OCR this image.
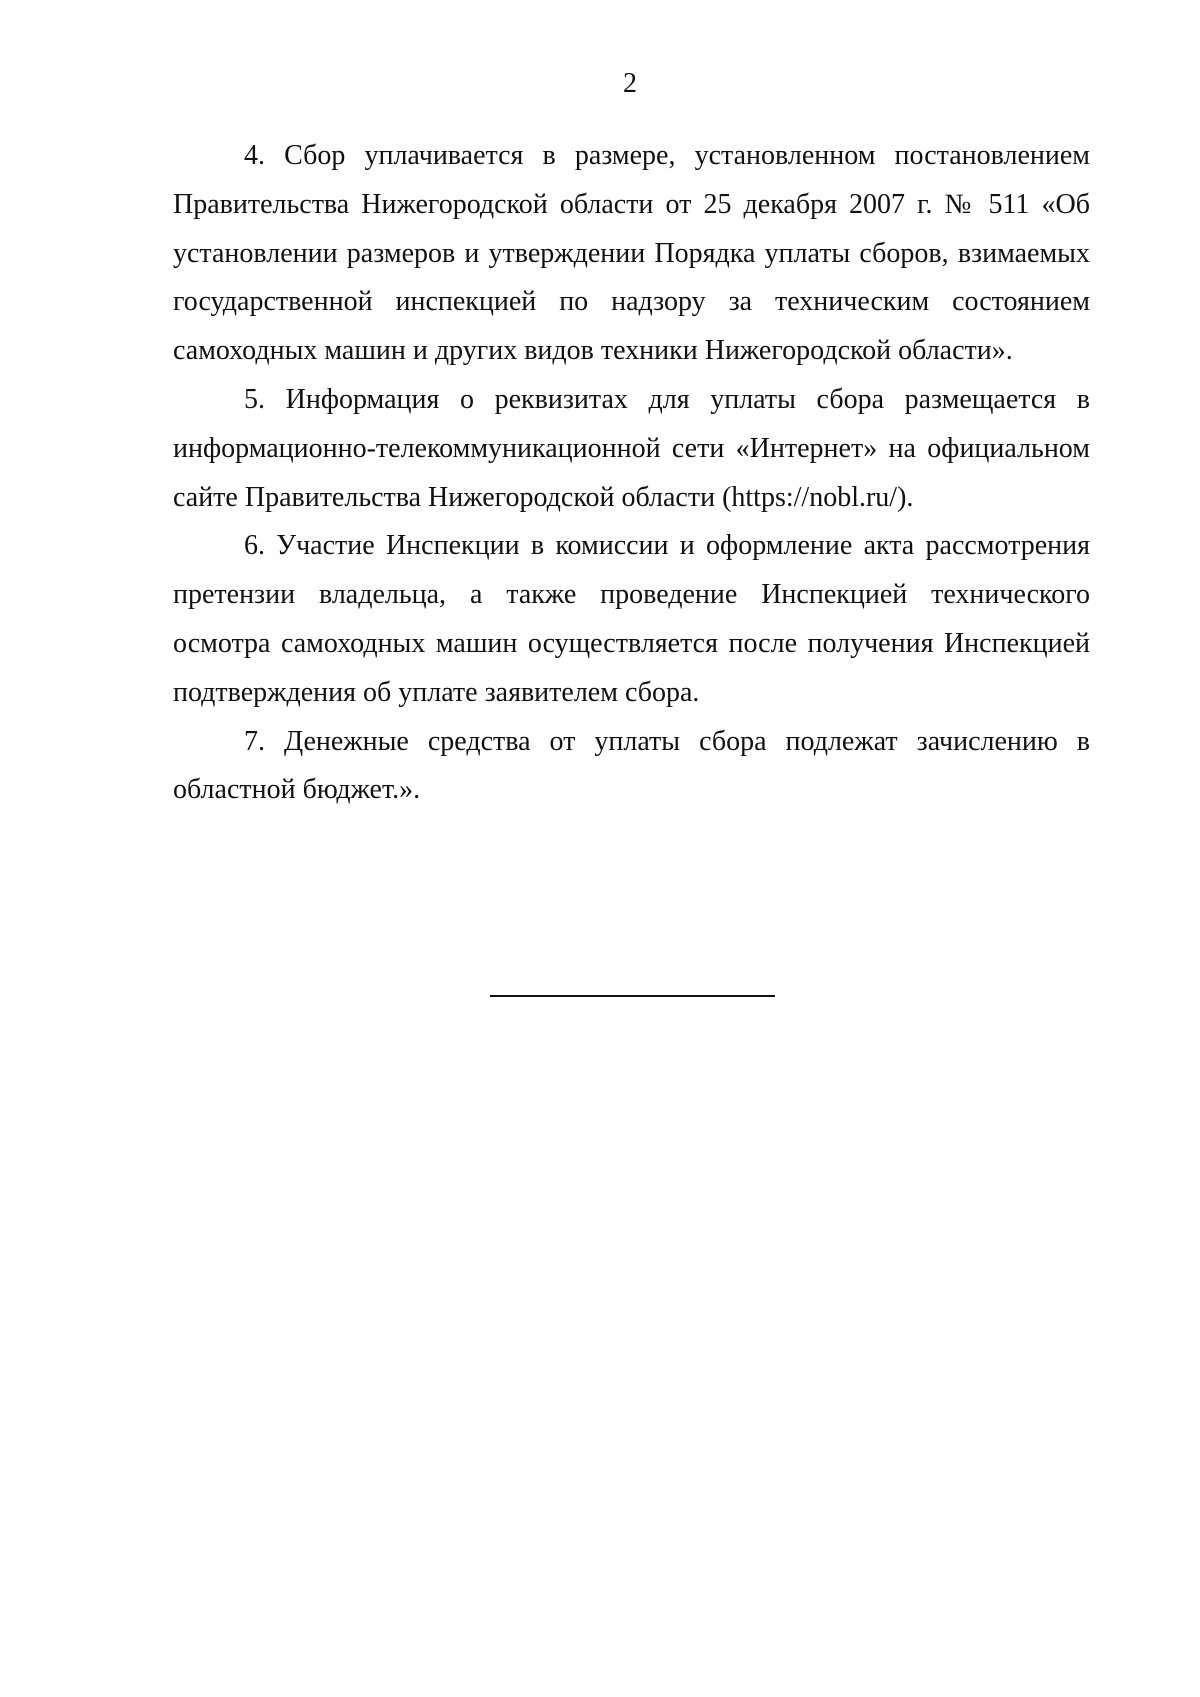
2

4. Сбор уплачивается в размере, установленном постановлением Правительства Нижегородской области от 25 декабря 2007 г. № 511 «Об установлении размеров и утверждении Порядка уплаты сборов, взимаемых государственной инспекцией по надзору за техническим состоянием самоходных машин и других видов техники Нижегородской области».

5. Информация о реквизитах для уплаты сбора размещается в информационно-телекоммуникационной сети «Интернет» на официальном сайте Правительства Нижегородской области (https://nobl.ru/).

6. Участие Инспекции в комиссии и оформление акта рассмотрения претензии владельца, а также проведение Инспекцией технического осмотра самоходных машин осуществляется после получения Инспекцией подтверждения об уплате заявителем сбора.

7. Денежные средства от уплаты сбора подлежат зачислению в областной бюджет.».
